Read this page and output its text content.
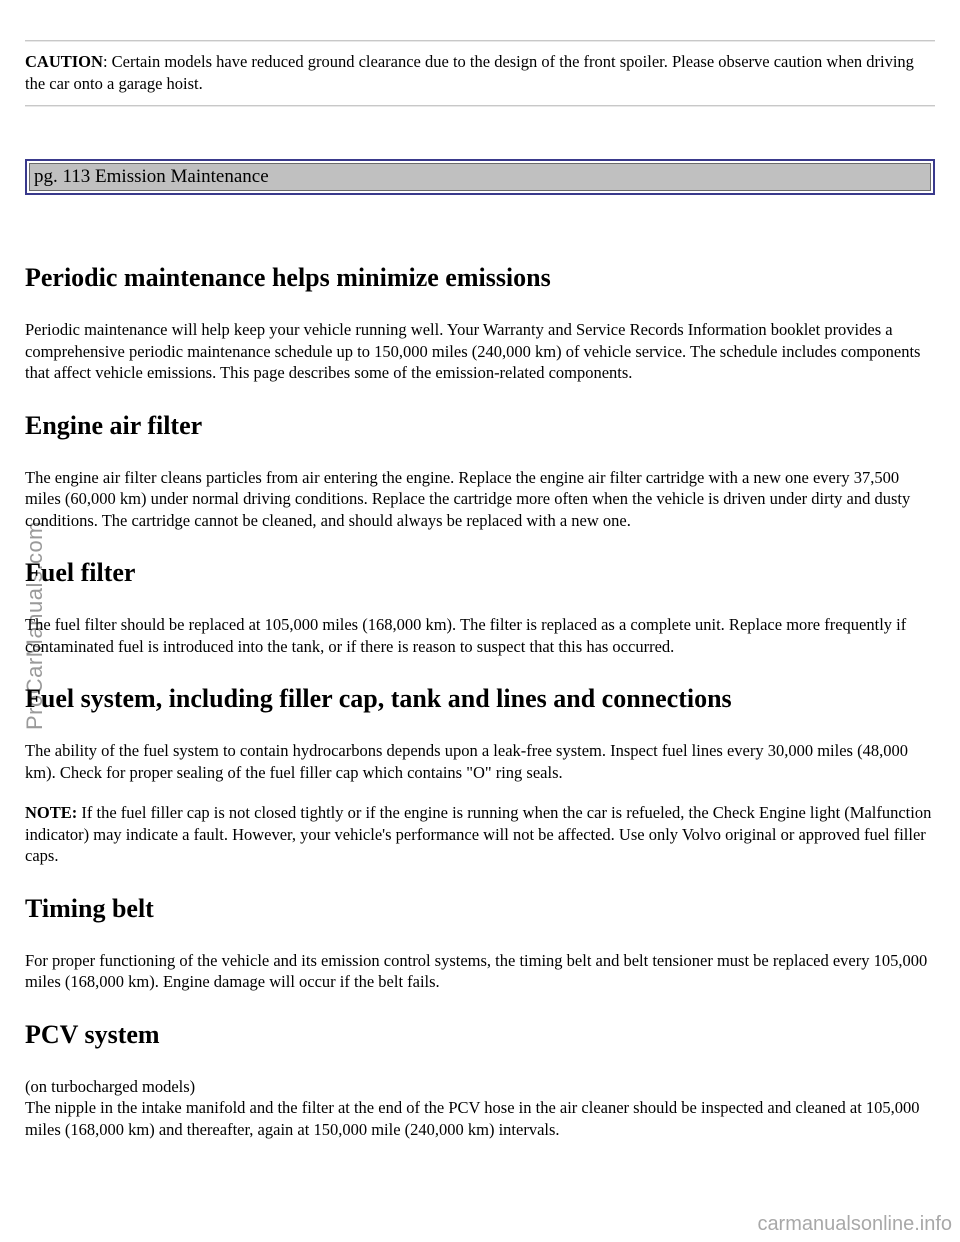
ProCarManuals.com
CAUTION: Certain models have reduced ground clearance due to the design of the front spoiler. Please observe caution when driving the car onto a garage hoist.
pg. 113 Emission Maintenance
Periodic maintenance helps minimize emissions

Periodic maintenance will help keep your vehicle running well. Your Warranty and Service Records Information booklet provides a comprehensive periodic maintenance schedule up to 150,000 miles (240,000 km) of vehicle service. The schedule includes components that affect vehicle emissions. This page describes some of the emission-related components.

Engine air filter

The engine air filter cleans particles from air entering the engine. Replace the engine air filter cartridge with a new one every 37,500 miles (60,000 km) under normal driving conditions. Replace the cartridge more often when the vehicle is driven under dirty and dusty conditions. The cartridge cannot be cleaned, and should always be replaced with a new one.

Fuel filter

The fuel filter should be replaced at 105,000 miles (168,000 km). The filter is replaced as a complete unit. Replace more frequently if contaminated fuel is introduced into the tank, or if there is reason to suspect that this has occurred.

Fuel system, including filler cap, tank and lines and connections

The ability of the fuel system to contain hydrocarbons depends upon a leak-free system. Inspect fuel lines every 30,000 miles (48,000 km). Check for proper sealing of the fuel filler cap which contains "O" ring seals.

NOTE: If the fuel filler cap is not closed tightly or if the engine is running when the car is refueled, the Check Engine light (Malfunction indicator) may indicate a fault. However, your vehicle's performance will not be affected. Use only Volvo original or approved fuel filler caps.

Timing belt

For proper functioning of the vehicle and its emission control systems, the timing belt and belt tensioner must be replaced every 105,000 miles (168,000 km). Engine damage will occur if the belt fails.

PCV system

(on turbocharged models)

The nipple in the intake manifold and the filter at the end of the PCV hose in the air cleaner should be inspected and cleaned at 105,000 miles (168,000 km) and thereafter, again at 150,000 mile (240,000 km) intervals.

carmanualsonline.info
